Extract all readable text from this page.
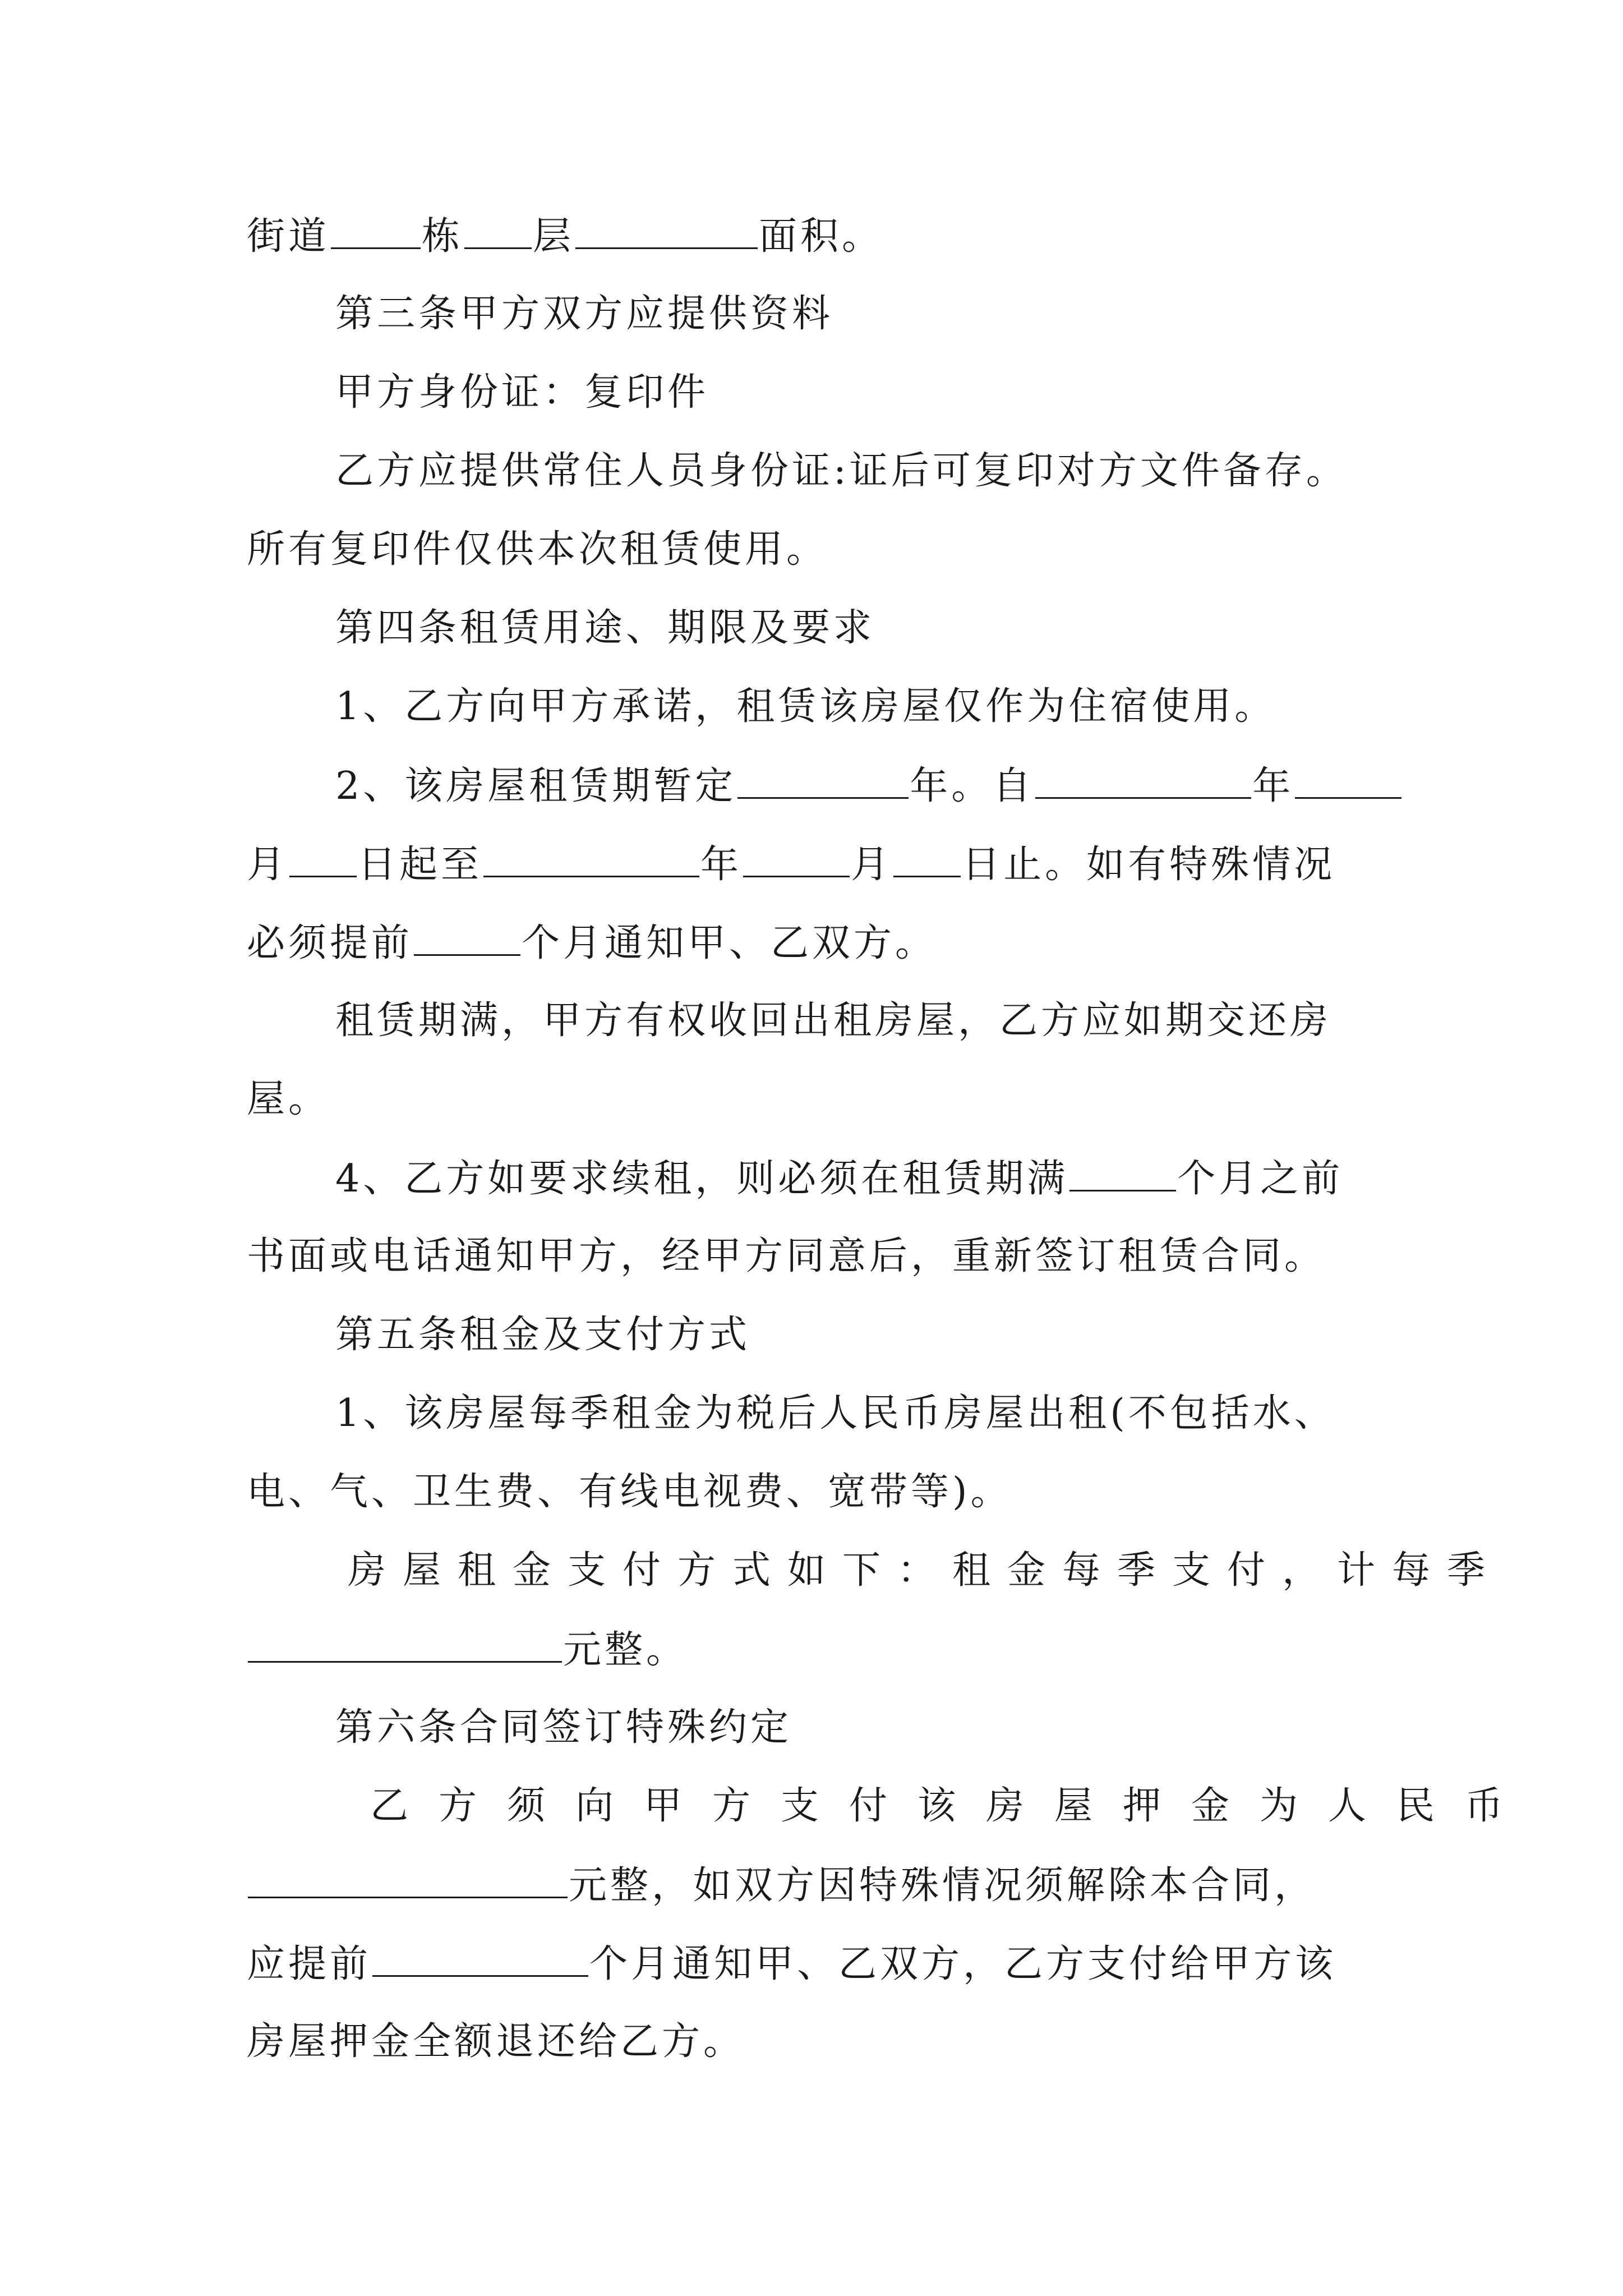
街道 栋 层	面积。
第三条甲方双方应提供资料
甲方身份证：复印件
乙方应提供常住人员身份证:证后可复印对方文件备存。
所有复印件仅供本次租赁使用。
第四条租赁用途、期限及要求
1、乙方向甲方承诺，租赁该房屋仅作为住宿使用。
2、该房屋租赁期暂定	年。自	年
月 日起至	年	月 日止。如有特殊情况
必须提前	个月通知甲、乙双方。
租赁期满，甲方有权收回出租房屋，乙方应如期交还房
屋。
4、乙方如要求续租，则必须在租赁期满	个月之前
书面或电话通知甲方，经甲方同意后，重新签订租赁合同。
第五条租金及支付方式
1、该房屋每季租金为税后人民币房屋出租(不包括水、
电、气、卫生费、有线电视费、宽带等)。
房屋租金支付方式如下：租金每季支付，计每季
元整。
第六条合同签订特殊约定
乙方须向甲方支付该房屋押金为人民币
元整，如双方因特殊情况须解除本合同，
应提前	个月通知甲、乙双方，乙方支付给甲方该
房屋押金全额退还给乙方。
